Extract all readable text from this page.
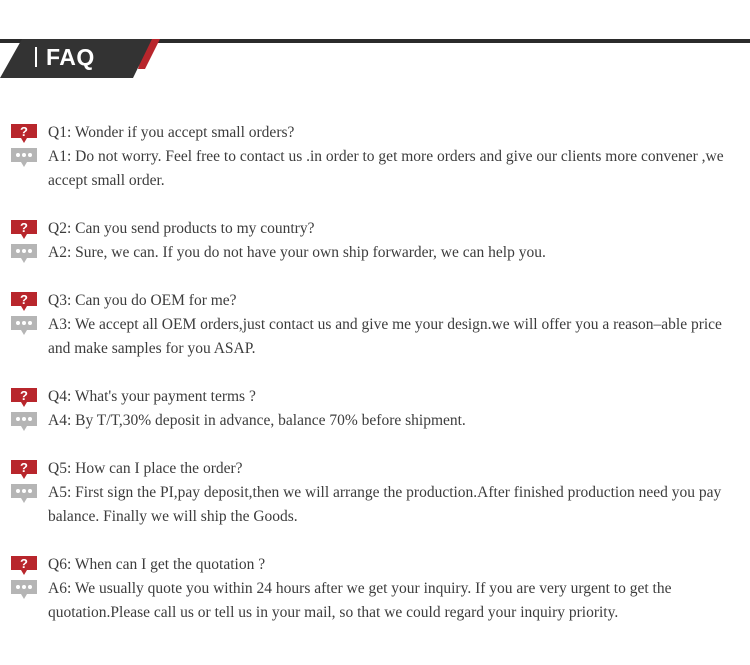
FAQ
? Q1: Wonder if you accept small orders?
A1: Do not worry. Feel free to contact us .in order to get more orders and give our clients more convener ,we accept small order.
? Q2: Can you send products to my country?
A2: Sure, we can. If you do not have your own ship forwarder, we can help you.
? Q3: Can you do OEM for me?
A3: We accept all OEM orders,just contact us and give me your design.we will offer you a reason–able price and make samples for you ASAP.
? Q4: What's your payment terms ?
A4: By T/T,30% deposit in advance, balance 70% before shipment.
? Q5: How can I place the order?
A5: First sign the PI,pay deposit,then we will arrange the production.After finished production need you pay balance. Finally we will ship the Goods.
? Q6: When can I get the quotation ?
A6: We usually quote you within 24 hours after we get your inquiry. If you are very urgent to get the quotation.Please call us or tell us in your mail, so that we could regard your inquiry priority.
